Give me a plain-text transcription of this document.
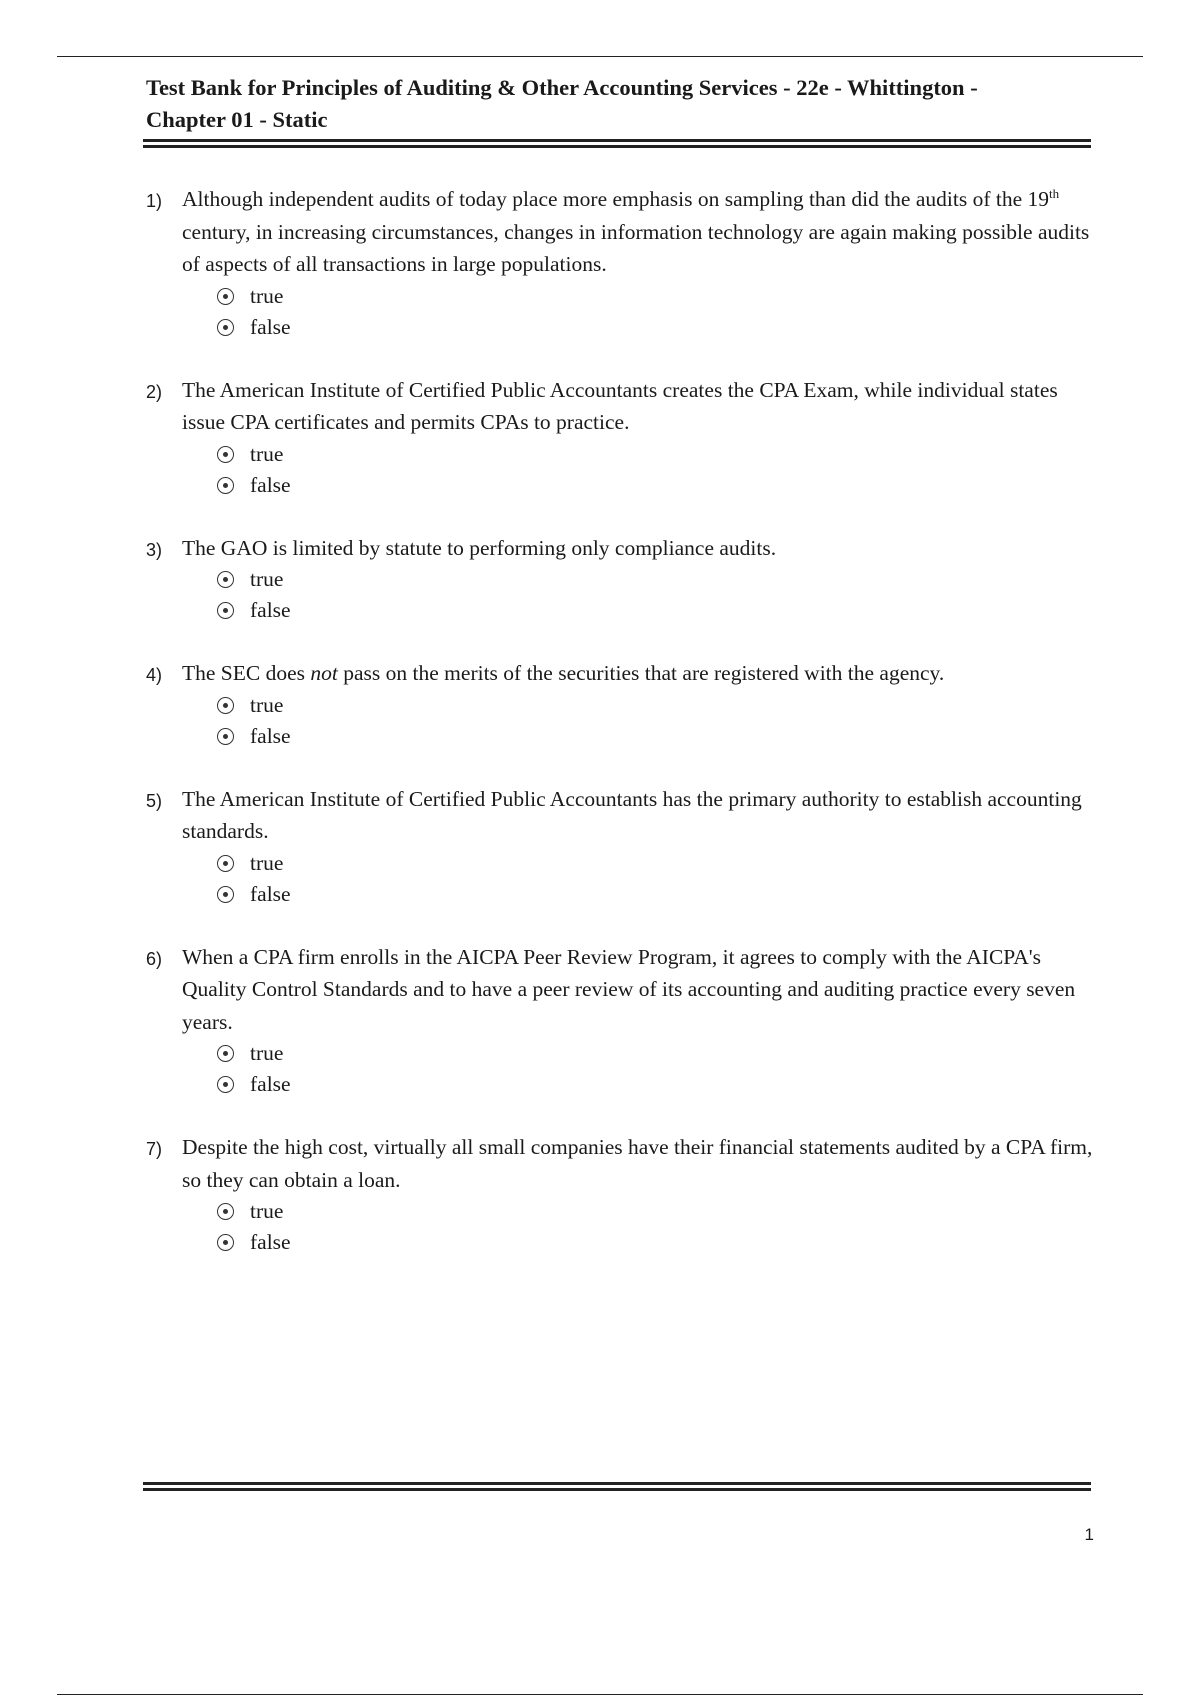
Test Bank for Principles of Auditing & Other Accounting Services - 22e - Whittington -
Chapter 01 - Static
1) Although independent audits of today place more emphasis on sampling than did the audits of the 19th century, in increasing circumstances, changes in information technology are again making possible audits of aspects of all transactions in large populations.
true
false
2) The American Institute of Certified Public Accountants creates the CPA Exam, while individual states issue CPA certificates and permits CPAs to practice.
true
false
3) The GAO is limited by statute to performing only compliance audits.
true
false
4) The SEC does not pass on the merits of the securities that are registered with the agency.
true
false
5) The American Institute of Certified Public Accountants has the primary authority to establish accounting standards.
true
false
6) When a CPA firm enrolls in the AICPA Peer Review Program, it agrees to comply with the AICPA's Quality Control Standards and to have a peer review of its accounting and auditing practice every seven years.
true
false
7) Despite the high cost, virtually all small companies have their financial statements audited by a CPA firm, so they can obtain a loan.
true
false
1
